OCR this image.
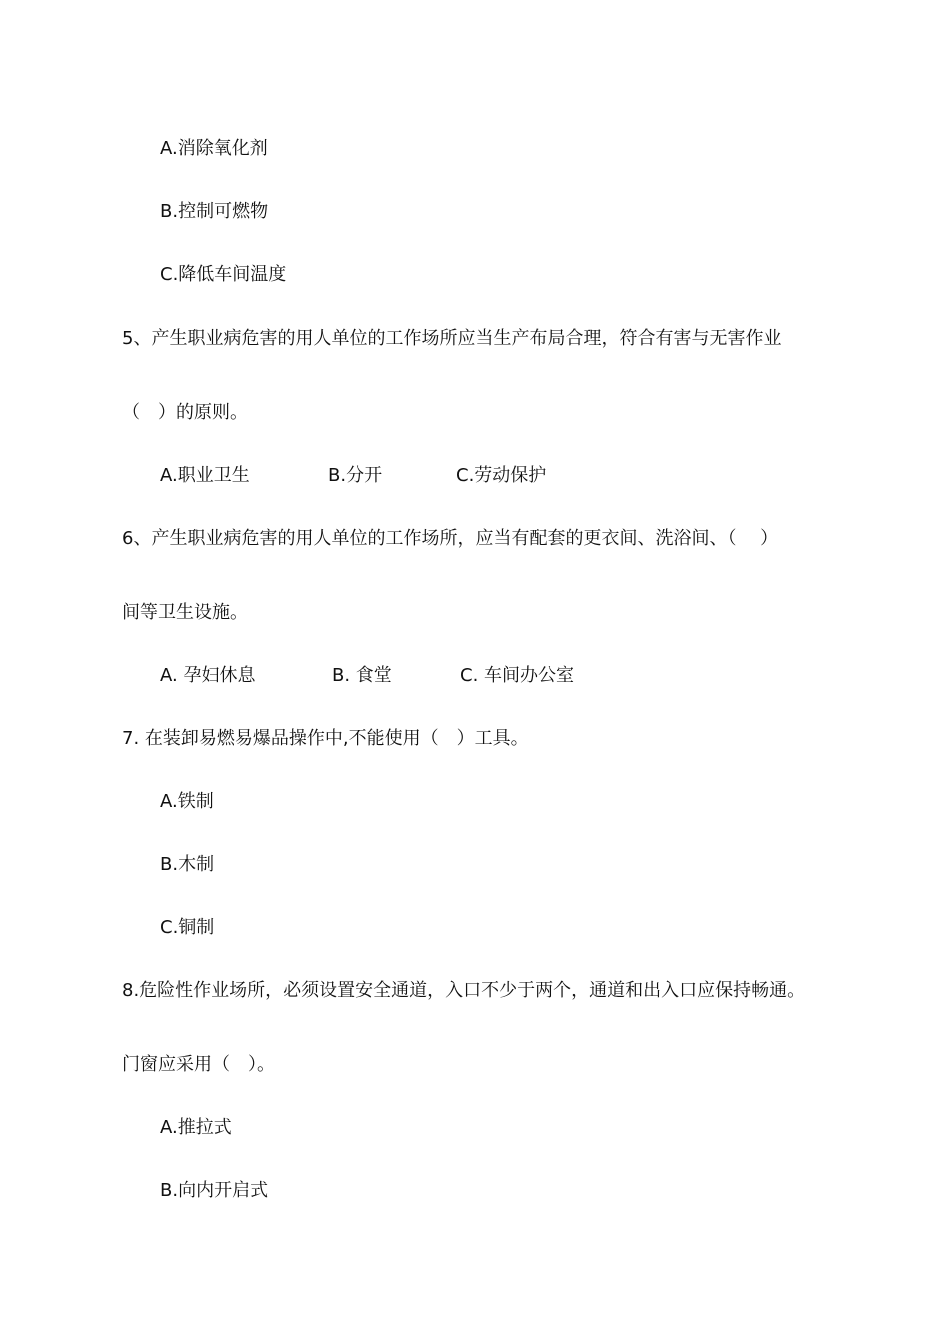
A.消除氧化剂
B.控制可燃物
C.降低车间温度
5、产生职业病危害的用人单位的工作场所应当生产布局合理，符合有害与无害作业
（　）的原则。
A.职业卫生	B.分开	C.劳动保护
6、产生职业病危害的用人单位的工作场所，应当有配套的更衣间、洗浴间、（　 ）
间等卫生设施。
A. 孕妇休息	B. 食堂	C. 车间办公室
7. 在装卸易燃易爆品操作中,不能使用（　）工具。
A.铁制
B.木制
C.铜制
8.危险性作业场所，必须设置安全通道，入口不少于两个，通道和出入口应保持畅通。
门窗应采用（　）。
A.推拉式
B.向内开启式
